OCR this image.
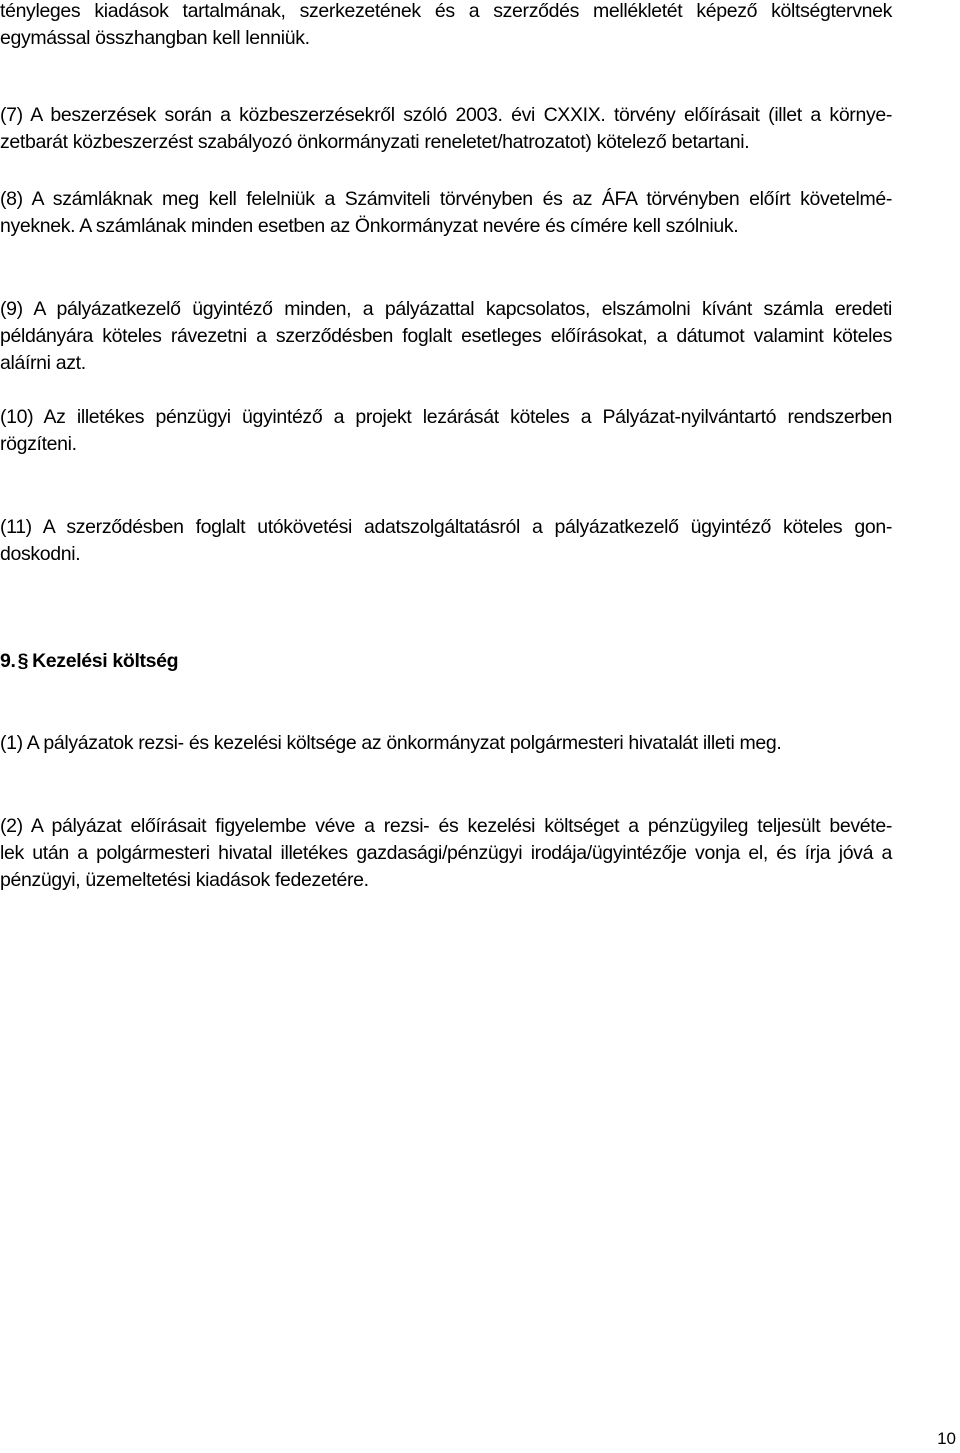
tényleges kiadások tartalmának, szerkezetének és a szerződés mellékletét képező költségtervnek
egymással összhangban kell lenniük.
(7) A beszerzések során a közbeszerzésekről szóló 2003. évi CXXIX. törvény előírásait (illet a környe-
zetbarát közbeszerzést szabályozó önkormányzati reneletet/hatrozatot) kötelező betartani.
(8) A számláknak meg kell felelniük a Számviteli törvényben és az ÁFA törvényben előírt követelmé-
nyeknek. A számlának minden esetben az Önkormányzat nevére és címére kell szólniuk.
(9) A pályázatkezelő ügyintéző minden, a pályázattal kapcsolatos, elszámolni kívánt számla eredeti
példányára köteles rávezetni a szerződésben foglalt esetleges előírásokat, a dátumot valamint köteles
aláírni azt.
(10) Az illetékes pénzügyi ügyintéző a projekt lezárását köteles a Pályázat-nyilvántartó rendszerben
rögzíteni.
(11) A szerződésben foglalt utókövetési adatszolgáltatásról a pályázatkezelő ügyintéző köteles gon-
doskodni.
9. § Kezelési költség
(1) A pályázatok rezsi- és kezelési költsége az önkormányzat polgármesteri hivatalát illeti meg.
(2) A pályázat előírásait figyelembe véve a rezsi- és kezelési költséget a pénzügyileg teljesült bevéte-
lek után a polgármesteri hivatal illetékes gazdasági/pénzügyi irodája/ügyintézője vonja el, és írja jóvá a
pénzügyi, üzemeltetési kiadások fedezetére.
10
